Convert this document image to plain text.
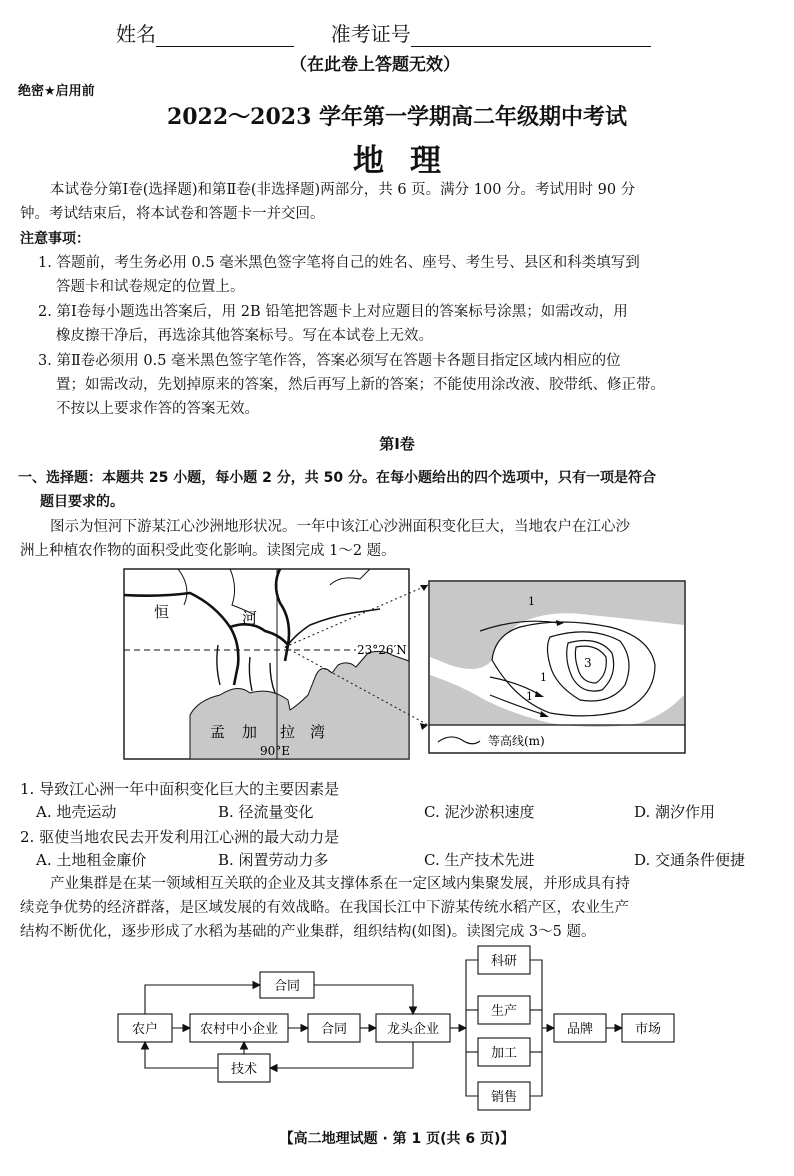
姓名	准考证号
（在此卷上答题无效）
绝密★启用前
2022～2023 学年第一学期高二年级期中考试
地理
本试卷分第Ⅰ卷(选择题)和第Ⅱ卷(非选择题)两部分，共 6 页。满分 100 分。考试用时 90 分
钟。考试结束后，将本试卷和答题卡一并交回。
注意事项：
1. 答题前，考生务必用 0.5 毫米黑色签字笔将自己的姓名、座号、考生号、县区和科类填写到
答题卡和试卷规定的位置上。
2. 第Ⅰ卷每小题选出答案后，用 2B 铅笔把答题卡上对应题目的答案标号涂黑；如需改动，用
橡皮擦干净后，再选涂其他答案标号。写在本试卷上无效。
3. 第Ⅱ卷必须用 0.5 毫米黑色签字笔作答，答案必须写在答题卡各题目指定区域内相应的位
置；如需改动，先划掉原来的答案，然后再写上新的答案；不能使用涂改液、胶带纸、修正带。
不按以上要求作答的答案无效。
第Ⅰ卷
一、选择题：本题共 25 小题，每小题 2 分，共 50 分。在每小题给出的四个选项中，只有一项是符合
题目要求的。
图示为恒河下游某江心沙洲地形状况。一年中该江心沙洲面积变化巨大，当地农户在江心沙
洲上种植农作物的面积受此变化影响。读图完成 1～2 题。
恒	河
23°26′N
孟 加 拉 湾
90°E
1
1
1
3
等高线(m)
1. 导致江心洲一年中面积变化巨大的主要因素是
A. 地壳运动	B. 径流量变化	C. 泥沙淤积速度	D. 潮汐作用
2. 驱使当地农民去开发利用江心洲的最大动力是
A. 土地租金廉价	B. 闲置劳动力多	C. 生产技术先进	D. 交通条件便捷
产业集群是在某一领域相互关联的企业及其支撑体系在一定区域内集聚发展，并形成具有持
续竞争优势的经济群落，是区域发展的有效战略。在我国长江中下游某传统水稻产区，农业生产
结构不断优化，逐步形成了水稻为基础的产业集群，组织结构(如图)。读图完成 3～5 题。
农户	农村中小企业
合同
合同	龙头企业
技术
科研
生产
加工
销售
品牌	市场
【高二地理试题 · 第 1 页(共 6 页)】
